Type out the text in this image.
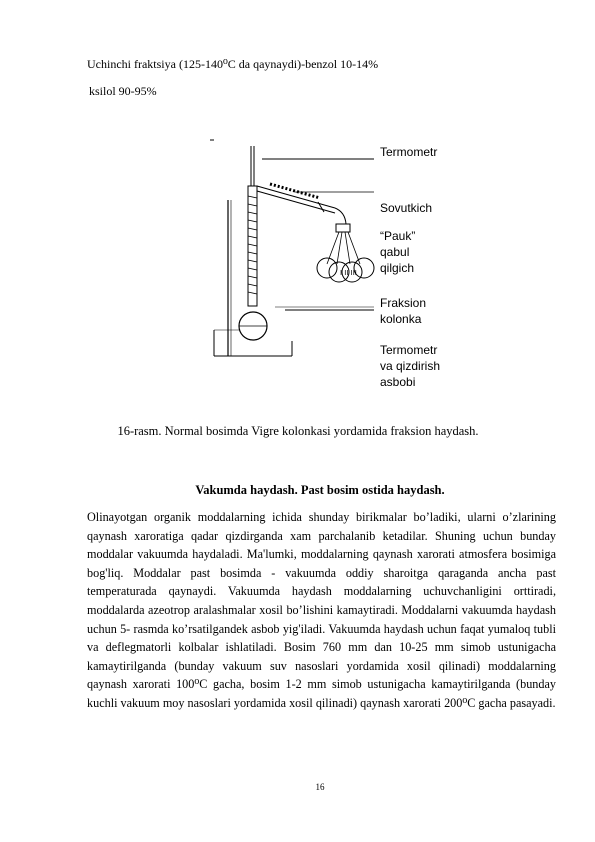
Uchinchi fraktsiya (125-140⁰C da qaynaydi)-benzol 10-14%
ksilol 90-95%
I II III
Termometr
Sovutkich
“Pauk” qabul qilgich
Fraksion kolonka
Termometr va qizdirish asbobi
16-rasm. Normal bosimda Vigre kolonkasi yordamida fraksion haydash.
Vakumda haydash. Past bosim ostida haydash.

Olinayotgan organik moddalarning ichida shunday birikmalar bo’ladiki, ularni o’zlarining qaynash xaroratiga qadar qizdirganda xam parchalanib ketadilar. Shuning uchun bunday moddalar vakuumda haydaladi. Ma'lumki, moddalarning qaynash xarorati atmosfera bosimiga bog'liq. Moddalar past bosimda - vakuumda oddiy sharoitga qaraganda ancha past temperaturada qaynaydi. Vakuumda haydash moddalarning uchuvchanligini orttiradi, moddalarda azeotrop aralashmalar xosil bo’lishini kamaytiradi. Moddalarni vakuumda haydash uchun 5- rasmda ko’rsatilgandek asbob yig'iladi. Vakuumda haydash uchun faqat yumaloq tubli va deflegmatorli kolbalar ishlatiladi. Bosim 760 mm dan 10-25 mm simob ustunigacha kamaytirilganda (bunday vakuum suv nasoslari yordamida xosil qilinadi) moddalarning qaynash xarorati 100⁰C gacha, bosim 1-2 mm simob ustunigacha kamaytirilganda (bunday kuchli vakuum moy nasoslari yordamida xosil qilinadi) qaynash xarorati 200⁰C gacha pasayadi.

16
